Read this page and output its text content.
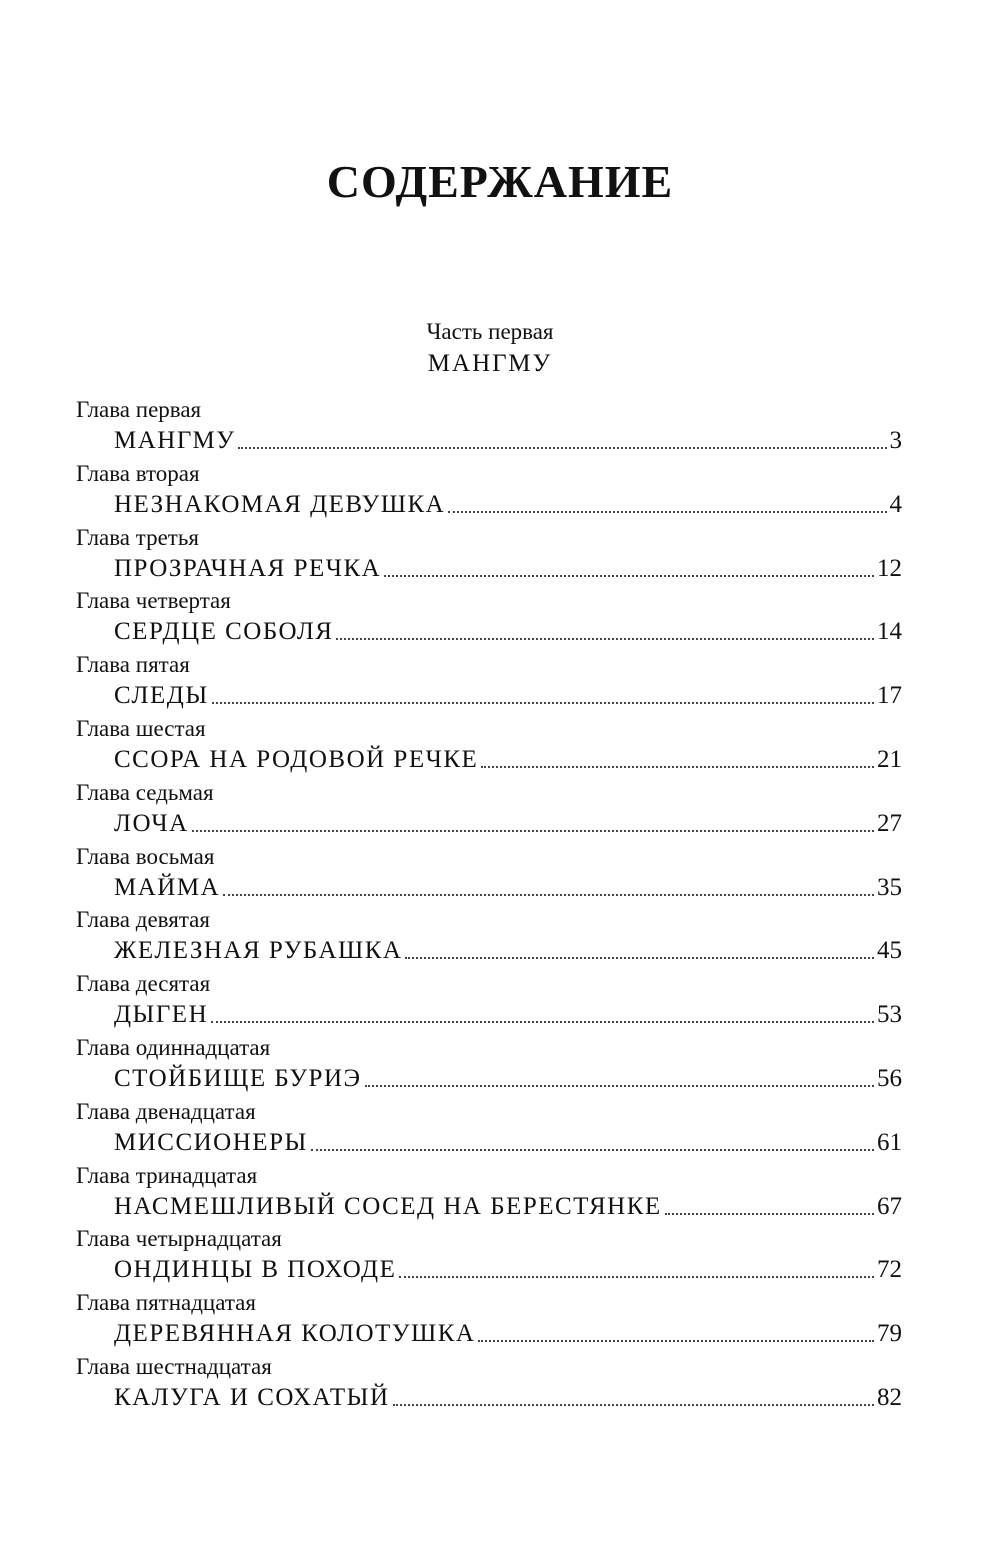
СОДЕРЖАНИЕ
Часть первая
МАНГМУ
Глава первая
МАНГМУ	3
Глава вторая
НЕЗНАКОМАЯ ДЕВУШКА	4
Глава третья
ПРОЗРАЧНАЯ РЕЧКА	12
Глава четвертая
СЕРДЦЕ СОБОЛЯ	14
Глава пятая
СЛЕДЫ	17
Глава шестая
ССОРА НА РОДОВОЙ РЕЧКЕ	21
Глава седьмая
ЛОЧА	27
Глава восьмая
МАЙМА	35
Глава девятая
ЖЕЛЕЗНАЯ РУБАШКА	45
Глава десятая
ДЫГЕН	53
Глава одиннадцатая
СТОЙБИЩЕ БУРИЭ	56
Глава двенадцатая
МИССИОНЕРЫ	61
Глава тринадцатая
НАСМЕШЛИВЫЙ СОСЕД НА БЕРЕСТЯНКЕ	67
Глава четырнадцатая
ОНДИНЦЫ В ПОХОДЕ	72
Глава пятнадцатая
ДЕРЕВЯННАЯ КОЛОТУШКА	79
Глава шестнадцатая
КАЛУГА И СОХАТЫЙ	82
